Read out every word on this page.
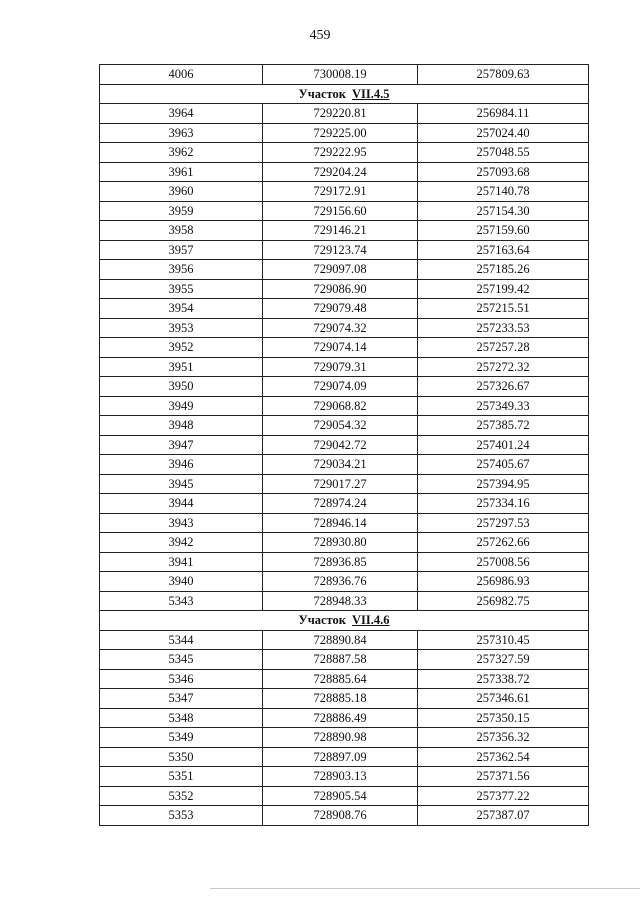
459
4006	730008.19	257809.63
Участок VII.4.5		
3964	729220.81	256984.11
3963	729225.00	257024.40
3962	729222.95	257048.55
3961	729204.24	257093.68
3960	729172.91	257140.78
3959	729156.60	257154.30
3958	729146.21	257159.60
3957	729123.74	257163.64
3956	729097.08	257185.26
3955	729086.90	257199.42
3954	729079.48	257215.51
3953	729074.32	257233.53
3952	729074.14	257257.28
3951	729079.31	257272.32
3950	729074.09	257326.67
3949	729068.82	257349.33
3948	729054.32	257385.72
3947	729042.72	257401.24
3946	729034.21	257405.67
3945	729017.27	257394.95
3944	728974.24	257334.16
3943	728946.14	257297.53
3942	728930.80	257262.66
3941	728936.85	257008.56
3940	728936.76	256986.93
5343	728948.33	256982.75
Участок VII.4.6		
5344	728890.84	257310.45
5345	728887.58	257327.59
5346	728885.64	257338.72
5347	728885.18	257346.61
5348	728886.49	257350.15
5349	728890.98	257356.32
5350	728897.09	257362.54
5351	728903.13	257371.56
5352	728905.54	257377.22
5353	728908.76	257387.07
